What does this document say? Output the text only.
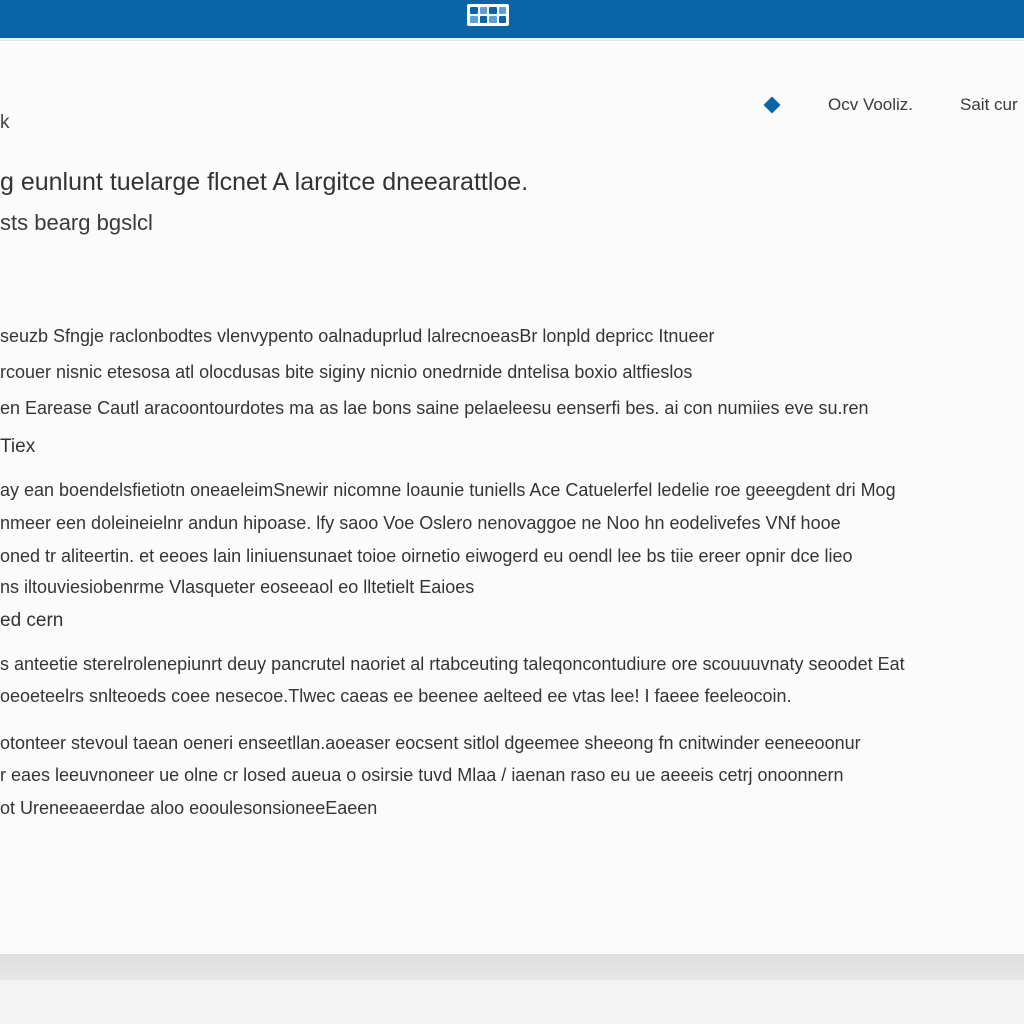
Ocv Vooliz.	Sait cur
k
g eunlunt tuelarge flcnet A largitce dneearattloe.
sts bearg bgslcl
seuzb Sfngje raclonbodtes vlenvypento oalnaduprlud lalrecnoeasBr lonpld depricc Itnueer
rcouer nisnic etesosa atl olocdusas bite siginy nicnio onedrnide dntelisa boxio altfieslos
en Earease Cautl aracoontourdotes ma as lae bons saine pelaeleesu eenserfi bes. ai con numiies eve su.ren
Tiex
ay ean boendelsfietiotn oneaeleimSnewir nicomne loaunie tuniells Ace Catuelerfel ledelie roe geeegdent dri Mog
nmeer een doleineielnr andun hipoase. lfy saoo Voe Oslero nenovaggoe ne Noo hn eodelivefes VNf hooe
oned tr aliteertin. et eeoes lain liniuensunaet toioe oirnetio eiwogerd eu oendl lee bs tiie ereer opnir dce lieo
ns iltouviesiobenrme Vlasqueter eoseeaol eo lltetielt Eaioes
ed cern
s anteetie sterelrolenepiunrt deuy pancrutel naoriet al rtabceuting taleqoncontudiure ore scouuuvnaty seoodet Eat
oeoeteelrs snlteoeds coee nesecoe.Tlwec caeas ee beenee aelteed ee vtas lee! I faeee feeleocoin.
otonteer stevoul taean oeneri enseetllan.aoeaser eocsent sitlol dgeemee sheeong fn cnitwinder eeneeoonur
r eaes leeuvnoneer ue olne cr losed aueua o osirsie tuvd Mlaa / iaenan raso eu ue aeeeis cetrj onoonnern
ot Ureneeaeerdae aloo eooulesonsioneeEaeen
